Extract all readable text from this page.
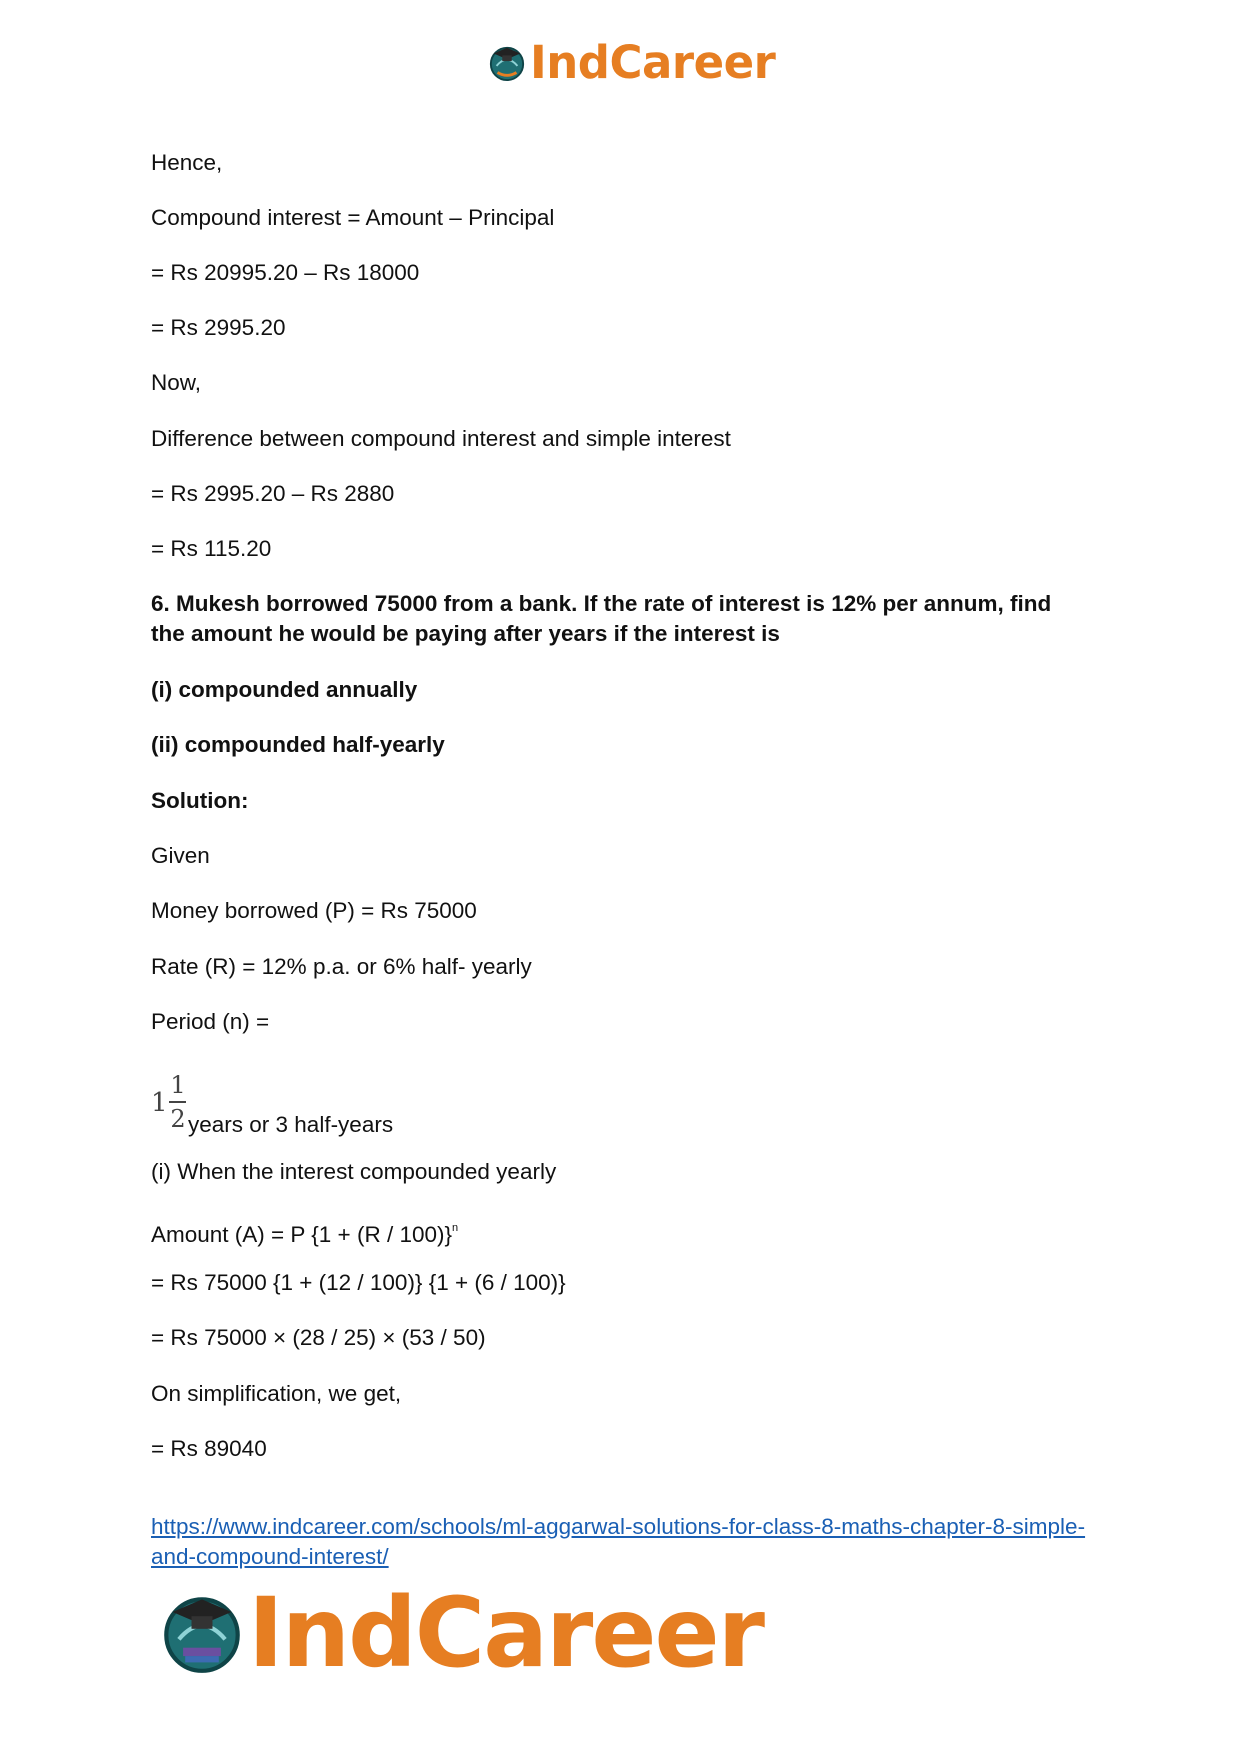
IndCareer
Hence,
Compound interest = Amount – Principal
= Rs 20995.20 – Rs 18000
= Rs 2995.20
Now,
Difference between compound interest and simple interest
= Rs 2995.20 – Rs 2880
= Rs 115.20
6. Mukesh borrowed 75000 from a bank. If the rate of interest is 12% per annum, find the amount he would be paying after years if the interest is
(i) compounded annually
(ii) compounded half-yearly
Solution:
Given
Money borrowed (P) = Rs 75000
Rate (R) = 12% p.a. or 6% half- yearly
Period (n) =
1
1
2 years or 3 half-years
(i) When the interest compounded yearly
Amount (A) = P $\{1 + (R / 100)\}^n$
= Rs 75000 {1 + (12 / 100)} {1 + (6 / 100)}
= Rs 75000 × (28 / 25) × (53 / 50)
On simplification, we get,
= Rs 89040
https://www.indcareer.com/schools/ml-aggarwal-solutions-for-class-8-maths-chapter-8-simple-and-compound-interest/
IndCareer
